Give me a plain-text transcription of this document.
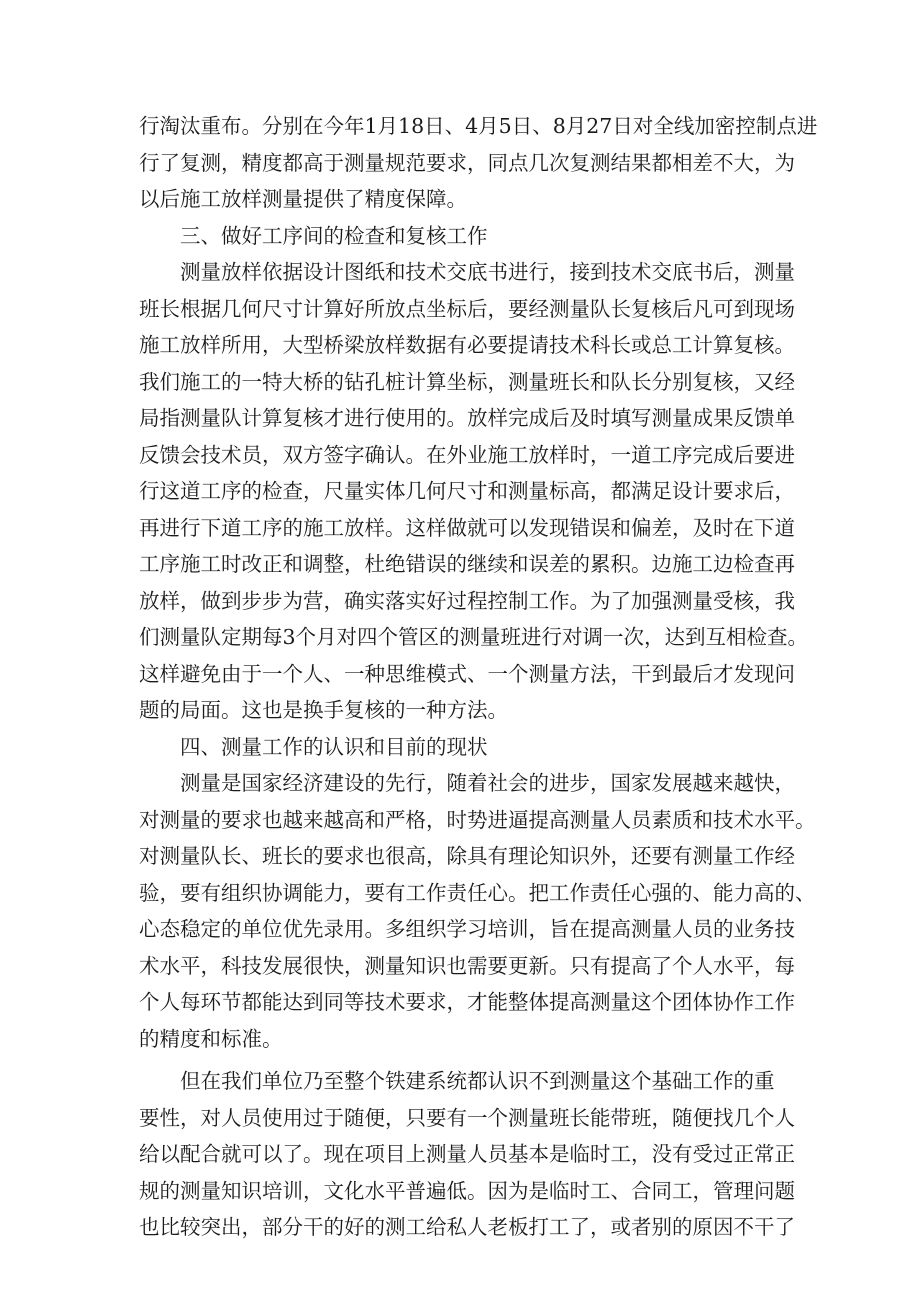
行淘汰重布。分别在今年1月18日、4月5日、8月27日对全线加密控制点进
行了复测，精度都高于测量规范要求，同点几次复测结果都相差不大，为
以后施工放样测量提供了精度保障。
三、做好工序间的检查和复核工作
测量放样依据设计图纸和技术交底书进行，接到技术交底书后，测量
班长根据几何尺寸计算好所放点坐标后，要经测量队长复核后凡可到现场
施工放样所用，大型桥梁放样数据有必要提请技术科长或总工计算复核。
我们施工的一特大桥的钻孔桩计算坐标，测量班长和队长分别复核，又经
局指测量队计算复核才进行使用的。放样完成后及时填写测量成果反馈单
反馈会技术员，双方签字确认。在外业施工放样时，一道工序完成后要进
行这道工序的检查，尺量实体几何尺寸和测量标高，都满足设计要求后，
再进行下道工序的施工放样。这样做就可以发现错误和偏差，及时在下道
工序施工时改正和调整，杜绝错误的继续和误差的累积。边施工边检查再
放样，做到步步为营，确实落实好过程控制工作。为了加强测量受核，我
们测量队定期每3个月对四个管区的测量班进行对调一次，达到互相检查。
这样避免由于一个人、一种思维模式、一个测量方法，干到最后才发现问
题的局面。这也是换手复核的一种方法。
四、测量工作的认识和目前的现状
测量是国家经济建设的先行，随着社会的进步，国家发展越来越快，
对测量的要求也越来越高和严格，时势进逼提高测量人员素质和技术水平。
对测量队长、班长的要求也很高，除具有理论知识外，还要有测量工作经
验，要有组织协调能力，要有工作责任心。把工作责任心强的、能力高的、
心态稳定的单位优先录用。多组织学习培训，旨在提高测量人员的业务技
术水平，科技发展很快，测量知识也需要更新。只有提高了个人水平，每
个人每环节都能达到同等技术要求，才能整体提高测量这个团体协作工作
的精度和标准。
但在我们单位乃至整个铁建系统都认识不到测量这个基础工作的重
要性，对人员使用过于随便，只要有一个测量班长能带班，随便找几个人
给以配合就可以了。现在项目上测量人员基本是临时工，没有受过正常正
规的测量知识培训，文化水平普遍低。因为是临时工、合同工，管理问题
也比较突出，部分干的好的测工给私人老板打工了，或者别的原因不干了
